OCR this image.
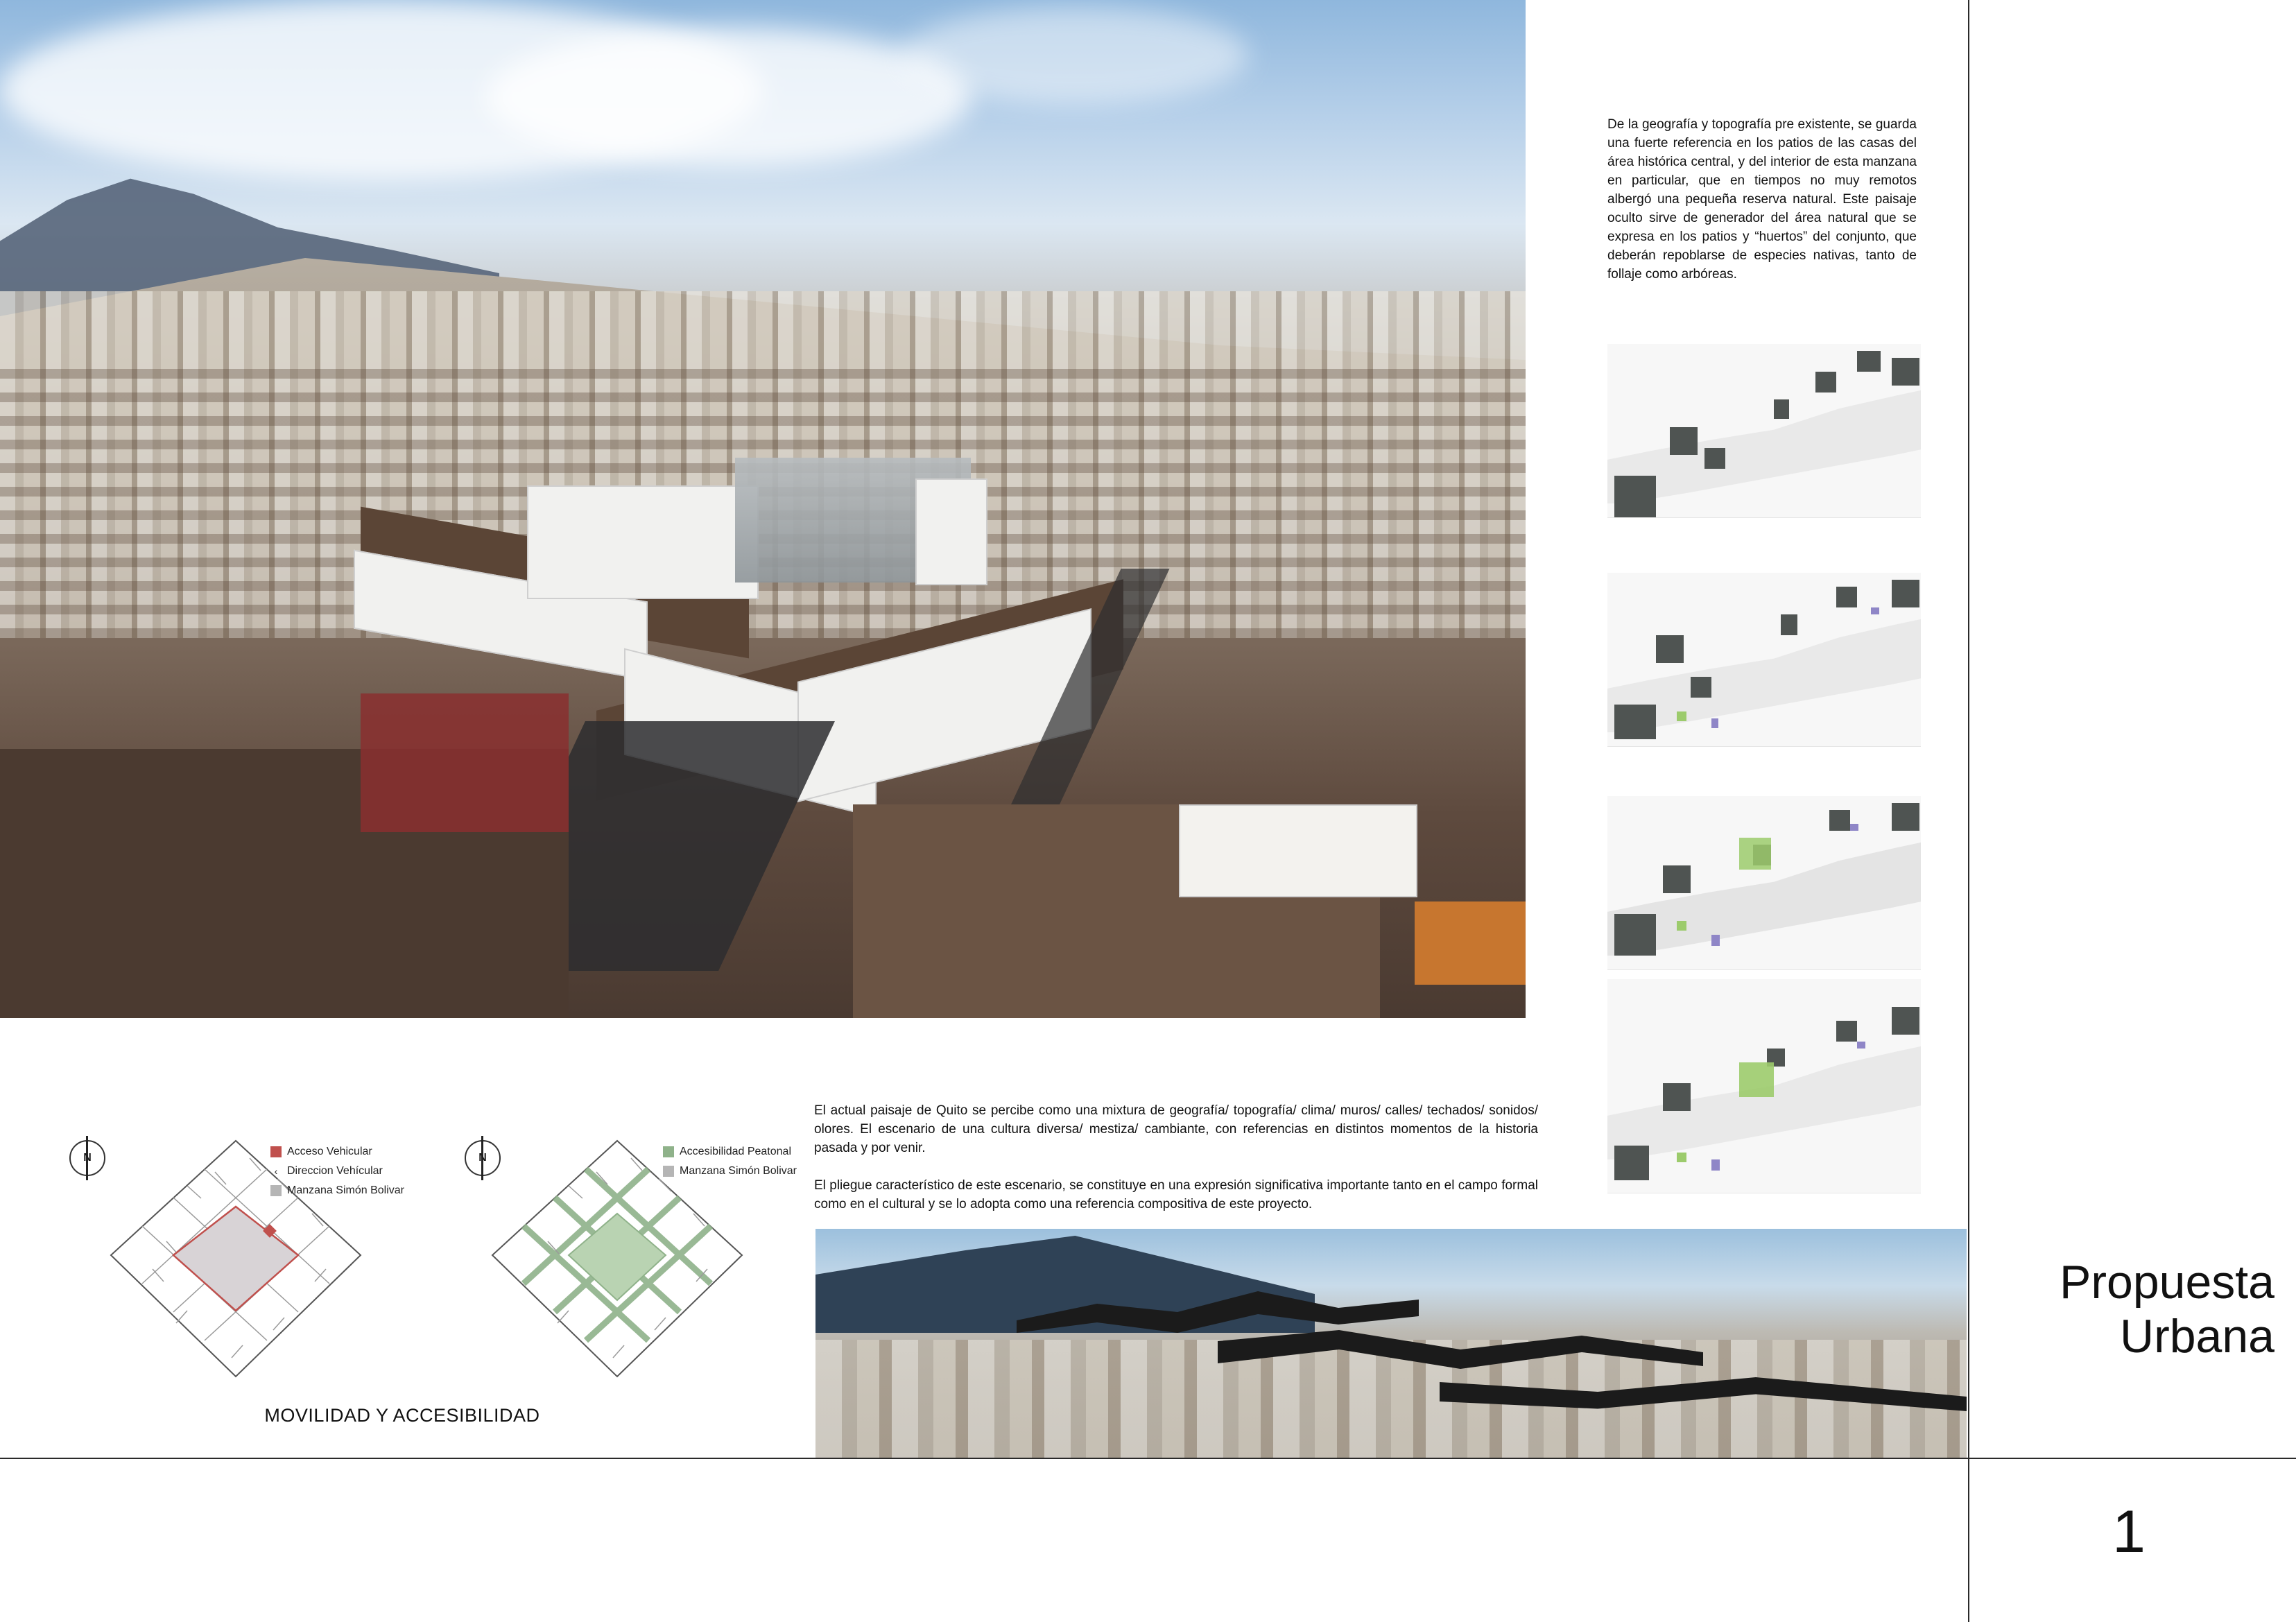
De la geografía y topografía pre existente, se guarda una fuerte referencia en los patios de las casas del área histórica central, y del interior de esta manzana en particular, que en tiempos no muy remotos albergó una pequeña reserva natural. Este paisaje oculto sirve de generador del área natural que se expresa en los patios y “huertos” del conjunto, que deberán repoblarse de especies nativas, tanto de follaje como arbóreas.

El actual paisaje de Quito se percibe como una mixtura de geografía/ topografía/ clima/ muros/ calles/ techados/ sonidos/ olores. El escenario de una cultura diversa/ mestiza/ cambiante, con referencias en distintos momentos de la historia pasada y por venir.

El pliegue característico de este escenario, se constituye en una expresión significativa importante tanto en el campo formal como en el cultural y se lo adopta como una referencia compositiva de este proyecto.

N
Acceso Vehicular
‹ Direccion Vehícular
Manzana Simón Bolivar
N
Accesibilidad Peatonal
Manzana Simón Bolivar
MOVILIDAD Y ACCESIBILIDAD
Propuesta
Urbana
1
